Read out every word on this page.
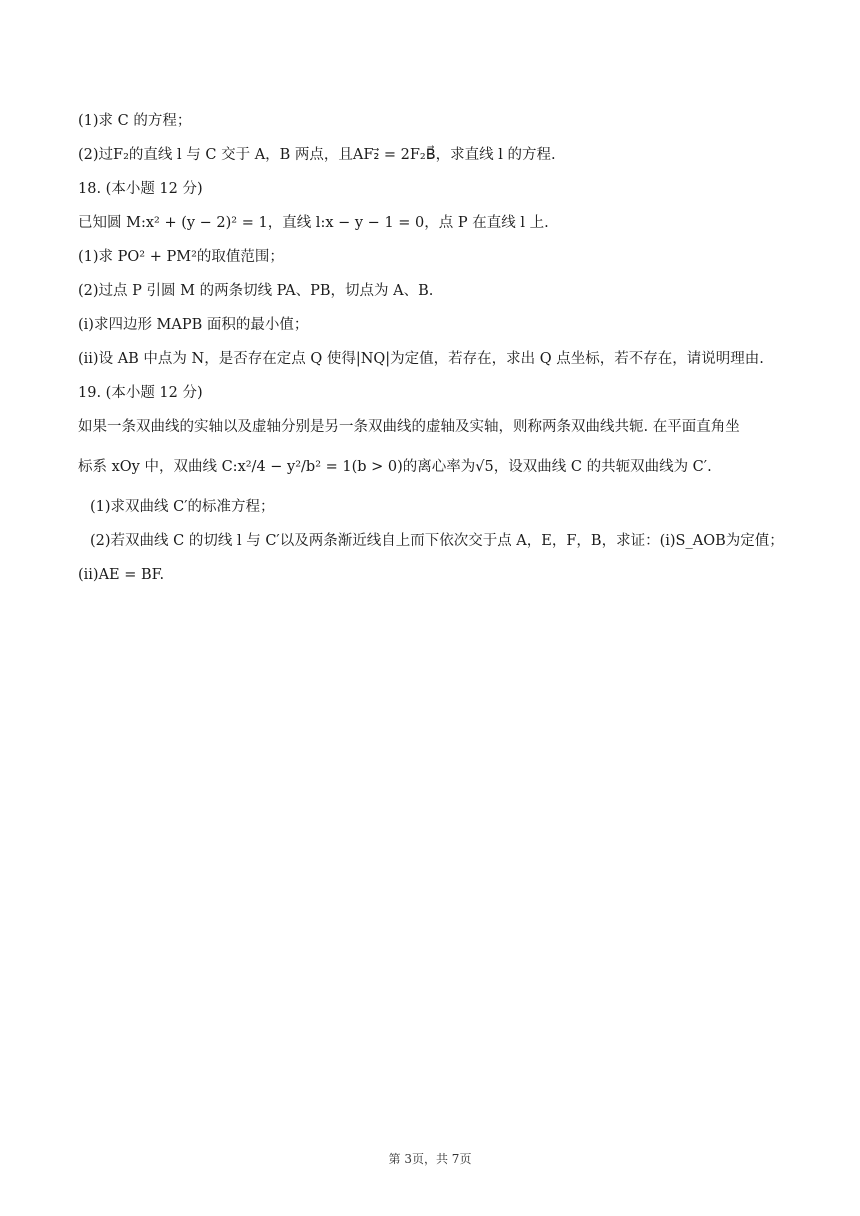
(1)求 C 的方程；
(2)过F₂的直线 l 与 C 交于 A，B 两点，且AF₂⃗ = 2F₂B⃗，求直线 l 的方程.
18. (本小题 12 分)
已知圆 M:x² + (y − 2)² = 1，直线 l:x − y − 1 = 0，点 P 在直线 l 上.
(1)求 PO² + PM²的取值范围；
(2)过点 P 引圆 M 的两条切线 PA、PB，切点为 A、B.
(i)求四边形 MAPB 面积的最小值；
(ii)设 AB 中点为 N，是否存在定点 Q 使得|NQ|为定值，若存在，求出 Q 点坐标，若不存在，请说明理由.
19. (本小题 12 分)
如果一条双曲线的实轴以及虚轴分别是另一条双曲线的虚轴及实轴，则称两条双曲线共轭. 在平面直角坐
标系 xOy 中，双曲线 C:x²/4 − y²/b² = 1(b > 0)的离心率为√5，设双曲线 C 的共轭双曲线为 C′.
(1)求双曲线 C′的标准方程；
(2)若双曲线 C 的切线 l 与 C′以及两条渐近线自上而下依次交于点 A，E，F，B，求证：(i)S_AOB为定值；
(ii)AE = BF.
第 3页，共 7页
